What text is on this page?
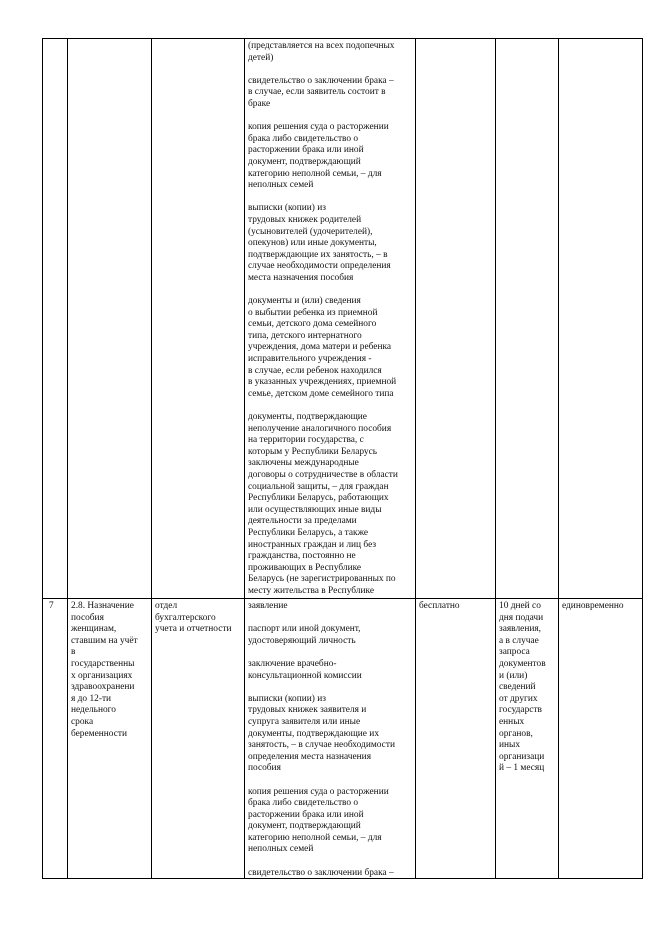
(представляется на всех подопечных
детей)

свидетельство о заключении брака –
в случае, если заявитель состоит в
браке

копия решения суда о расторжении
брака либо свидетельство о
расторжении брака или иной
документ, подтверждающий
категорию неполной семьи, – для
неполных семей

выписки (копии) из
трудовых книжек родителей
(усыновителей (удочерителей),
опекунов) или иные документы,
подтверждающие их занятость, – в
случае необходимости определения
места назначения пособия

документы и (или) сведения
о выбытии ребенка из приемной
семьи, детского дома семейного
типа, детского интернатного
учреждения, дома матери и ребенка
исправительного учреждения -
в случае, если ребенок находился
в указанных учреждениях, приемной
семье, детском доме семейного типа

документы, подтверждающие
неполучение аналогичного пособия
на территории государства, с
которым у Республики Беларусь
заключены международные
договоры о сотрудничестве в области
социальной защиты, – для граждан
Республики Беларусь, работающих
или осуществляющих иные виды
деятельности за пределами
Республики Беларусь, а также
иностранных граждан и лиц без
гражданства, постоянно не
проживающих в Республике
Беларусь (не зарегистрированных по
месту жительства в Республике

7	2.8. Назначение
пособия
женщинам,
ставшим на учёт
в
государственны
х организациях
здравоохранени
я до 12-ти
недельного
срока
беременности
отдел
бухгалтерского
учета и отчетности

заявление

паспорт или иной документ,
удостоверяющий личность

заключение врачебно-
консультационной комиссии

выписки (копии) из
трудовых книжек заявителя и
супруга заявителя или иные
документы, подтверждающие их
занятость, – в случае необходимости
определения места назначения
пособия

копия решения суда о расторжении
брака либо свидетельство о
расторжении брака или иной
документ, подтверждающий
категорию неполной семьи, – для
неполных семей

свидетельство о заключении брака –

бесплатно	10 дней со
дня подачи
заявления,
а в случае
запроса
документов
и (или)
сведений
от других
государств
енных
органов,
иных
организаци
й – 1 месяц
единовременно
